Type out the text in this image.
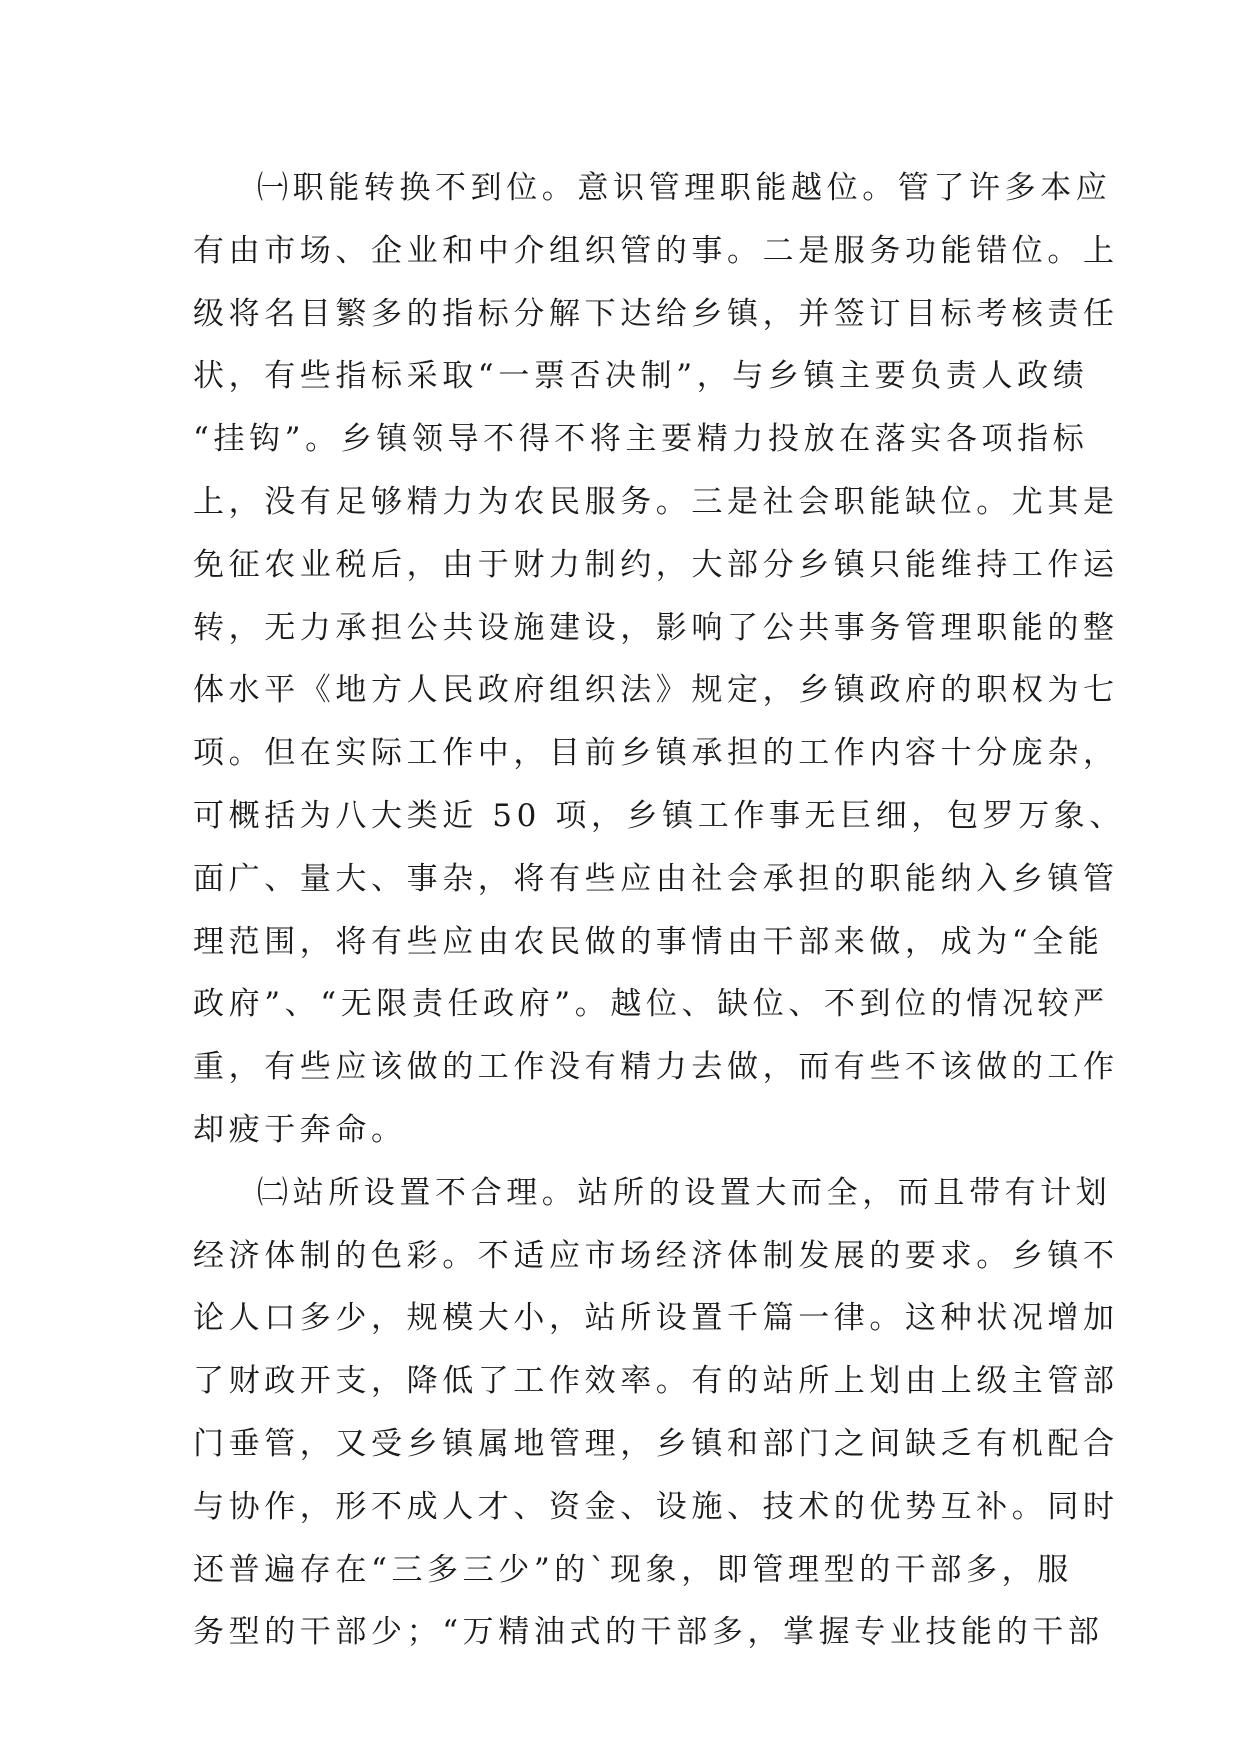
㈠职能转换不到位。意识管理职能越位。管了许多本应
有由市场、企业和中介组织管的事。二是服务功能错位。上
级将名目繁多的指标分解下达给乡镇，并签订目标考核责任
状，有些指标采取“一票否决制”，与乡镇主要负责人政绩
“挂钩”。乡镇领导不得不将主要精力投放在落实各项指标
上，没有足够精力为农民服务。三是社会职能缺位。尤其是
免征农业税后，由于财力制约，大部分乡镇只能维持工作运
转，无力承担公共设施建设，影响了公共事务管理职能的整
体水平《地方人民政府组织法》规定，乡镇政府的职权为七
项。但在实际工作中，目前乡镇承担的工作内容十分庞杂，
可概括为八大类近 50 项，乡镇工作事无巨细，包罗万象、
面广、量大、事杂，将有些应由社会承担的职能纳入乡镇管
理范围，将有些应由农民做的事情由干部来做，成为“全能
政府”、“无限责任政府”。越位、缺位、不到位的情况较严
重，有些应该做的工作没有精力去做，而有些不该做的工作
却疲于奔命。
㈡站所设置不合理。站所的设置大而全，而且带有计划
经济体制的色彩。不适应市场经济体制发展的要求。乡镇不
论人口多少，规模大小，站所设置千篇一律。这种状况增加
了财政开支，降低了工作效率。有的站所上划由上级主管部
门垂管，又受乡镇属地管理，乡镇和部门之间缺乏有机配合
与协作，形不成人才、资金、设施、技术的优势互补。同时
还普遍存在“三多三少”的`现象，即管理型的干部多，服
务型的干部少；“万精油式的干部多，掌握专业技能的干部
